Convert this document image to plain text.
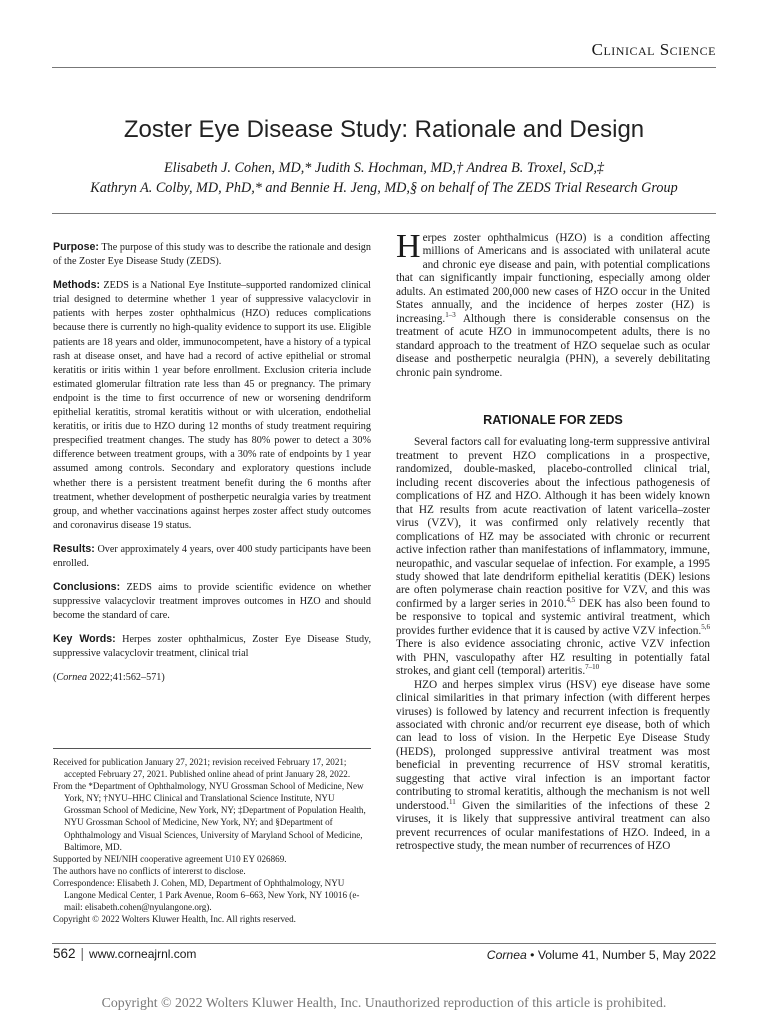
Clinical Science
Zoster Eye Disease Study: Rationale and Design
Elisabeth J. Cohen, MD,* Judith S. Hochman, MD,† Andrea B. Troxel, ScD,‡
Kathryn A. Colby, MD, PhD,* and Bennie H. Jeng, MD,§ on behalf of The ZEDS Trial Research Group

Purpose: The purpose of this study was to describe the rationale and design of the Zoster Eye Disease Study (ZEDS).

Methods: ZEDS is a National Eye Institute–supported randomized clinical trial designed to determine whether 1 year of suppressive valacyclovir in patients with herpes zoster ophthalmicus (HZO) reduces complications because there is currently no high-quality evidence to support its use. Eligible patients are 18 years and older, immunocompetent, have a history of a typical rash at disease onset, and have had a record of active epithelial or stromal keratitis or iritis within 1 year before enrollment. Exclusion criteria include estimated glomerular filtration rate less than 45 or pregnancy. The primary endpoint is the time to first occurrence of new or worsening dendriform epithelial keratitis, stromal keratitis without or with ulceration, endothelial keratitis, or iritis due to HZO during 12 months of study treatment requiring prespecified treatment changes. The study has 80% power to detect a 30% difference between treatment groups, with a 30% rate of endpoints by 1 year assumed among controls. Secondary and exploratory questions include whether there is a persistent treatment benefit during the 6 months after treatment, whether development of postherpetic neuralgia varies by treatment group, and whether vaccinations against herpes zoster affect study outcomes and coronavirus disease 19 status.

Results: Over approximately 4 years, over 400 study participants have been enrolled.

Conclusions: ZEDS aims to provide scientific evidence on whether suppressive valacyclovir treatment improves outcomes in HZO and should become the standard of care.

Key Words: Herpes zoster ophthalmicus, Zoster Eye Disease Study, suppressive valacyclovir treatment, clinical trial

(Cornea 2022;41:562–571)

Received for publication January 27, 2021; revision received February 17, 2021; accepted February 27, 2021. Published online ahead of print January 28, 2022.

From the *Department of Ophthalmology, NYU Grossman School of Medicine, New York, NY; †NYU–HHC Clinical and Translational Science Institute, NYU Grossman School of Medicine, New York, NY; ‡Department of Population Health, NYU Grossman School of Medicine, New York, NY; and §Department of Ophthalmology and Visual Sciences, University of Maryland School of Medicine, Baltimore, MD.

Supported by NEI/NIH cooperative agreement U10 EY 026869.

The authors have no conflicts of intererst to disclose.

Correspondence: Elisabeth J. Cohen, MD, Department of Ophthalmology, NYU Langone Medical Center, 1 Park Avenue, Room 6–663, New York, NY 10016 (e-mail: elisabeth.cohen@nyulangone.org).

Copyright © 2022 Wolters Kluwer Health, Inc. All rights reserved.

Herpes zoster ophthalmicus (HZO) is a condition affecting millions of Americans and is associated with unilateral acute and chronic eye disease and pain, with potential complications that can significantly impair functioning, especially among older adults. An estimated 200,000 new cases of HZO occur in the United States annually, and the incidence of herpes zoster (HZ) is increasing.$^{1-3}$ Although there is considerable consensus on the treatment of acute HZO in immunocompetent adults, there is no standard approach to the treatment of HZO sequelae such as ocular disease and postherpetic neuralgia (PHN), a severely debilitating chronic pain syndrome.

RATIONALE FOR ZEDS

Several factors call for evaluating long-term suppressive antiviral treatment to prevent HZO complications in a prospective, randomized, double-masked, placebo-controlled clinical trial, including recent discoveries about the infectious pathogenesis of complications of HZ and HZO. Although it has been widely known that HZ results from acute reactivation of latent varicella–zoster virus (VZV), it was confirmed only relatively recently that complications of HZ may be associated with chronic or recurrent active infection rather than manifestations of inflammatory, immune, neuropathic, and vascular sequelae of infection. For example, a 1995 study showed that late dendriform epithelial keratitis (DEK) lesions are often polymerase chain reaction positive for VZV, and this was confirmed by a larger series in 2010.$^{4,5}$ DEK has also been found to be responsive to topical and systemic antiviral treatment, which provides further evidence that it is caused by active VZV infection.$^{5,6}$ There is also evidence associating chronic, active VZV infection with PHN, vasculopathy after HZ resulting in potentially fatal strokes, and giant cell (temporal) arteritis.$^{7-10}$

HZO and herpes simplex virus (HSV) eye disease have some clinical similarities in that primary infection (with different herpes viruses) is followed by latency and recurrent infection is frequently associated with chronic and/or recurrent eye disease, both of which can lead to loss of vision. In the Herpetic Eye Disease Study (HEDS), prolonged suppressive antiviral treatment was most beneficial in preventing recurrence of HSV stromal keratitis, suggesting that active viral infection is an important factor contributing to stromal keratitis, although the mechanism is not well understood.$^{11}$ Given the similarities of the infections of these 2 viruses, it is likely that suppressive antiviral treatment can also prevent recurrences of ocular manifestations of HZO. Indeed, in a retrospective study, the mean number of recurrences of HZO

562 | www.corneajrnl.com	Cornea • Volume 41, Number 5, May 2022
Copyright © 2022 Wolters Kluwer Health, Inc. Unauthorized reproduction of this article is prohibited.
